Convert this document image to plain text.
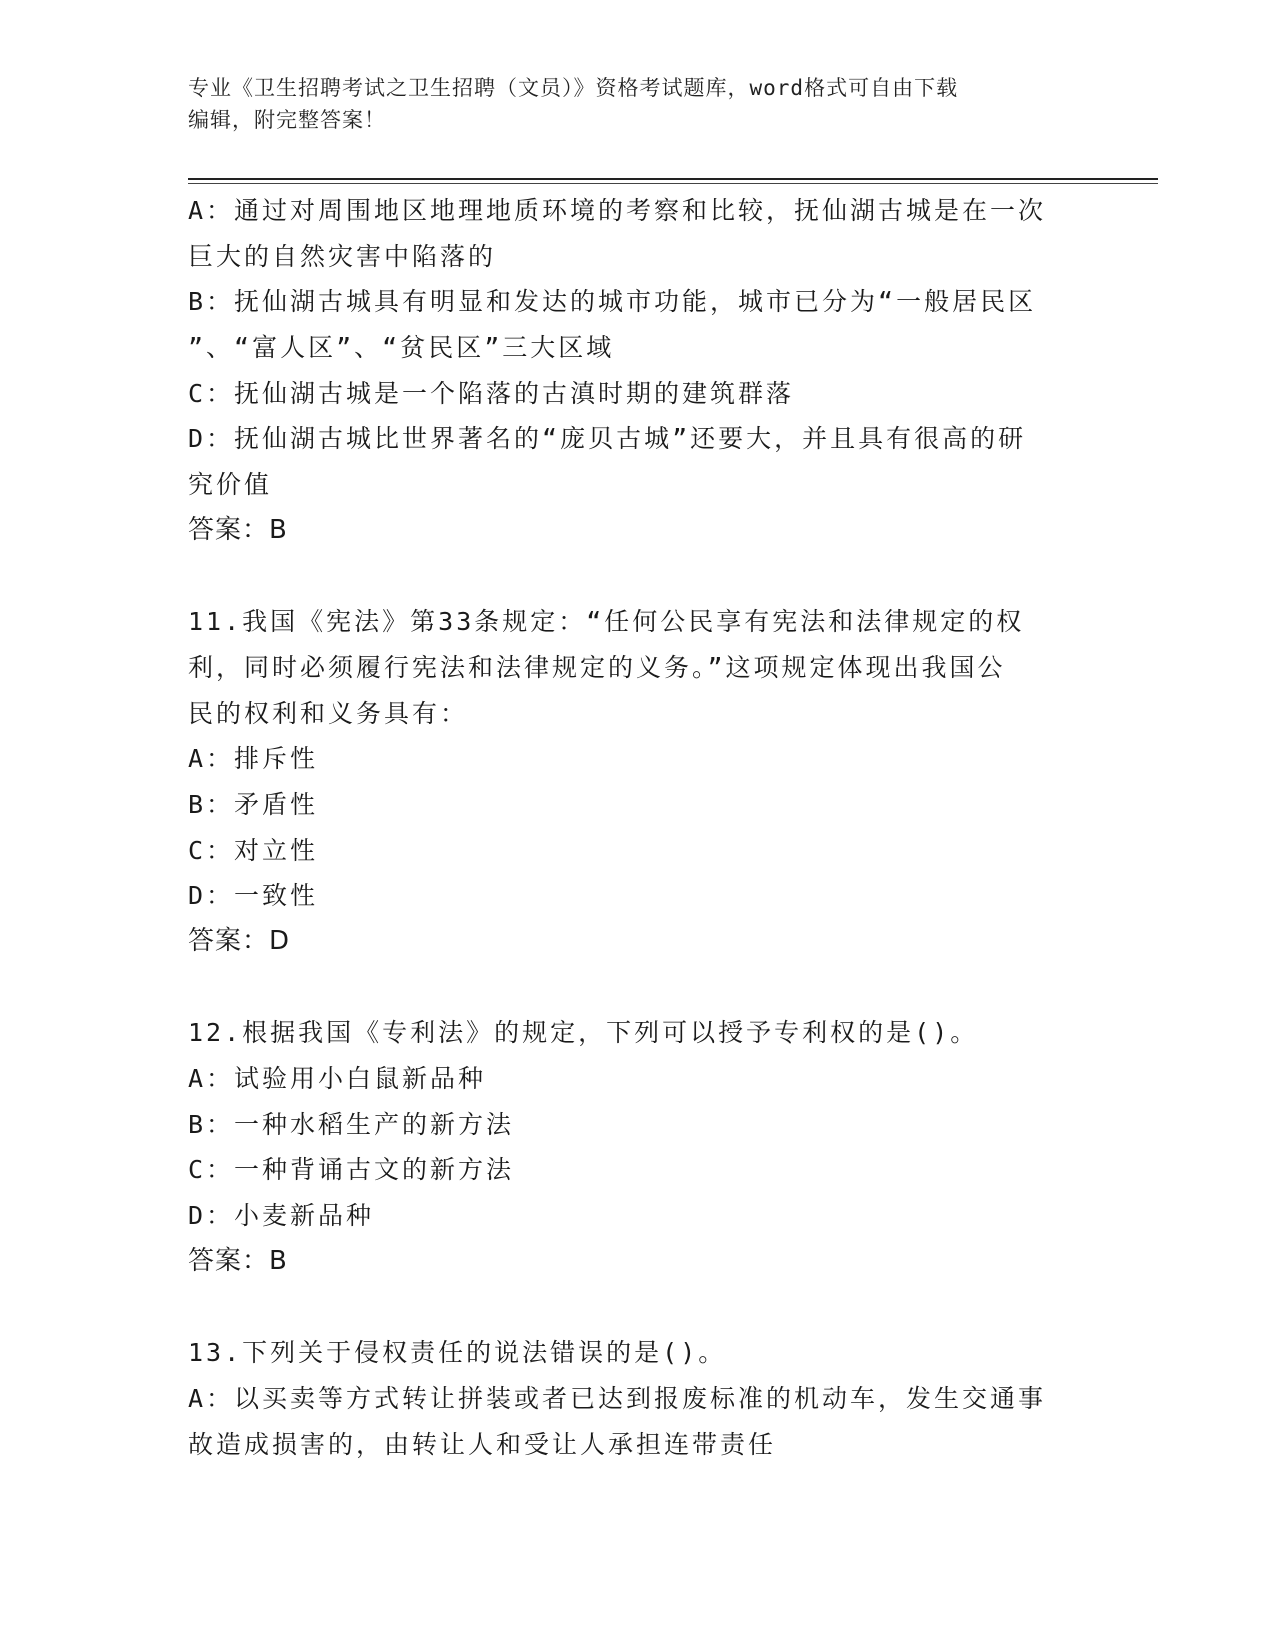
专业《卫生招聘考试之卫生招聘（文员）》资格考试题库，word格式可自由下载
编辑，附完整答案！
A：通过对周围地区地理地质环境的考察和比较，抚仙湖古城是在一次
巨大的自然灾害中陷落的
B：抚仙湖古城具有明显和发达的城市功能，城市已分为“一般居民区
”、“富人区”、“贫民区”三大区域
C：抚仙湖古城是一个陷落的古滇时期的建筑群落
D：抚仙湖古城比世界著名的“庞贝古城”还要大，并且具有很高的研
究价值
答案：B
11.我国《宪法》第33条规定：“任何公民享有宪法和法律规定的权
利，同时必须履行宪法和法律规定的义务。”这项规定体现出我国公
民的权利和义务具有：
A：排斥性
B：矛盾性
C：对立性
D：一致性
答案：D
12.根据我国《专利法》的规定，下列可以授予专利权的是()。
A：试验用小白鼠新品种
B：一种水稻生产的新方法
C：一种背诵古文的新方法
D：小麦新品种
答案：B
13.下列关于侵权责任的说法错误的是()。
A：以买卖等方式转让拼装或者已达到报废标准的机动车，发生交通事
故造成损害的，由转让人和受让人承担连带责任
